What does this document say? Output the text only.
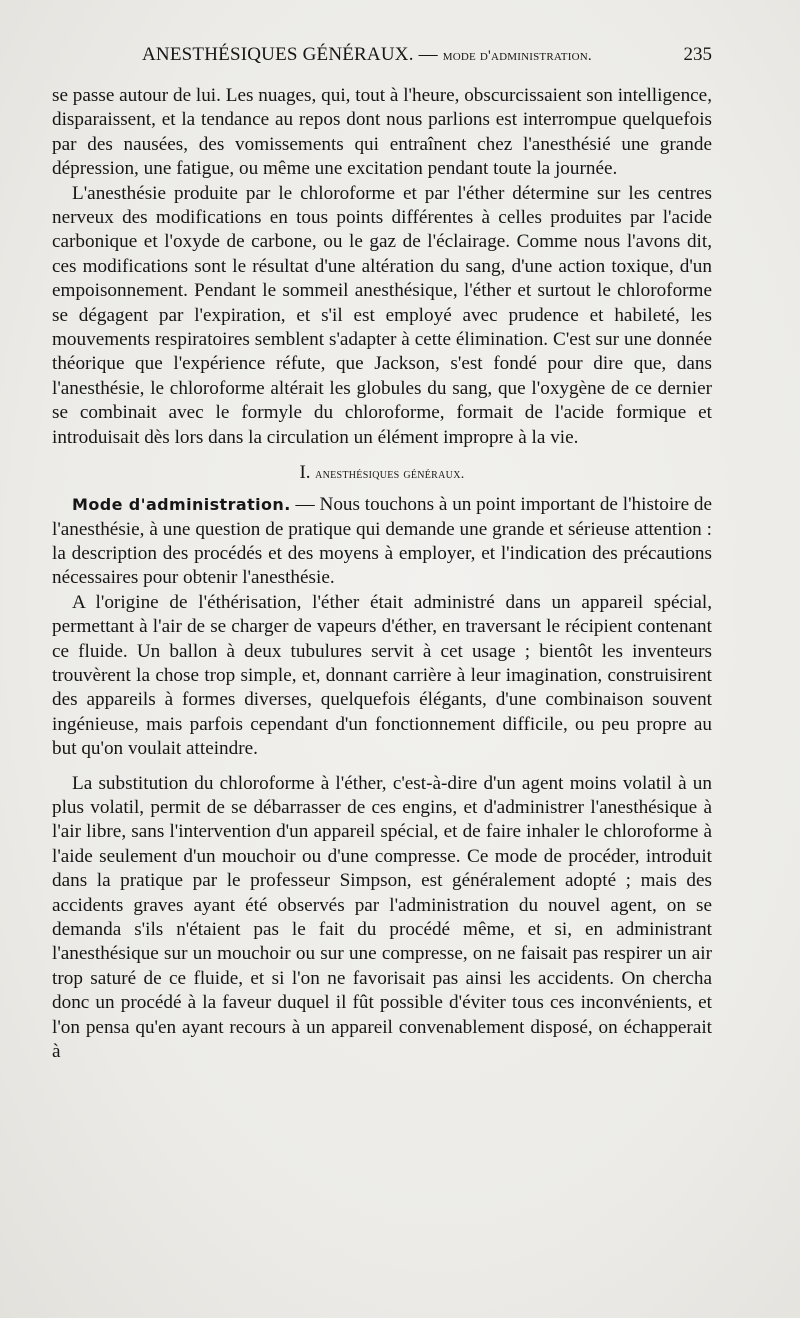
ANESTHÉSIQUES GÉNÉRAUX. — mode d'administration.	235

se passe autour de lui. Les nuages, qui, tout à l'heure, obscurcissaient son intelligence, disparaissent, et la tendance au repos dont nous parlions est interrompue quelquefois par des nausées, des vomissements qui entraînent chez l'anesthésié une grande dépression, une fatigue, ou même une excitation pendant toute la journée.

L'anesthésie produite par le chloroforme et par l'éther détermine sur les centres nerveux des modifications en tous points différentes à celles produites par l'acide carbonique et l'oxyde de carbone, ou le gaz de l'éclairage. Comme nous l'avons dit, ces modifications sont le résultat d'une altération du sang, d'une action toxique, d'un empoisonnement. Pendant le sommeil anesthésique, l'éther et surtout le chloroforme se dégagent par l'expiration, et s'il est employé avec prudence et habileté, les mouvements respiratoires semblent s'adapter à cette élimination. C'est sur une donnée théorique que l'expérience réfute, que Jackson, s'est fondé pour dire que, dans l'anesthésie, le chloroforme altérait les globules du sang, que l'oxygène de ce dernier se combinait avec le formyle du chloroforme, formait de l'acide formique et introduisait dès lors dans la circulation un élément impropre à la vie.

I. anesthésiques généraux.

Mode d'administration. — Nous touchons à un point important de l'histoire de l'anesthésie, à une question de pratique qui demande une grande et sérieuse attention : la description des procédés et des moyens à employer, et l'indication des précautions nécessaires pour obtenir l'anesthésie.

A l'origine de l'éthérisation, l'éther était administré dans un appareil spécial, permettant à l'air de se charger de vapeurs d'éther, en traversant le récipient contenant ce fluide. Un ballon à deux tubulures servit à cet usage ; bientôt les inventeurs trouvèrent la chose trop simple, et, donnant carrière à leur imagination, construisirent des appareils à formes diverses, quelquefois élégants, d'une combinaison souvent ingénieuse, mais parfois cependant d'un fonctionnement difficile, ou peu propre au but qu'on voulait atteindre.

La substitution du chloroforme à l'éther, c'est-à-dire d'un agent moins volatil à un plus volatil, permit de se débarrasser de ces engins, et d'administrer l'anesthésique à l'air libre, sans l'intervention d'un appareil spécial, et de faire inhaler le chloroforme à l'aide seulement d'un mouchoir ou d'une compresse. Ce mode de procéder, introduit dans la pratique par le professeur Simpson, est généralement adopté ; mais des accidents graves ayant été observés par l'administration du nouvel agent, on se demanda s'ils n'étaient pas le fait du procédé même, et si, en administrant l'anesthésique sur un mouchoir ou sur une compresse, on ne faisait pas respirer un air trop saturé de ce fluide, et si l'on ne favorisait pas ainsi les accidents. On chercha donc un procédé à la faveur duquel il fût possible d'éviter tous ces inconvénients, et l'on pensa qu'en ayant recours à un appareil convenablement disposé, on échapperait à
